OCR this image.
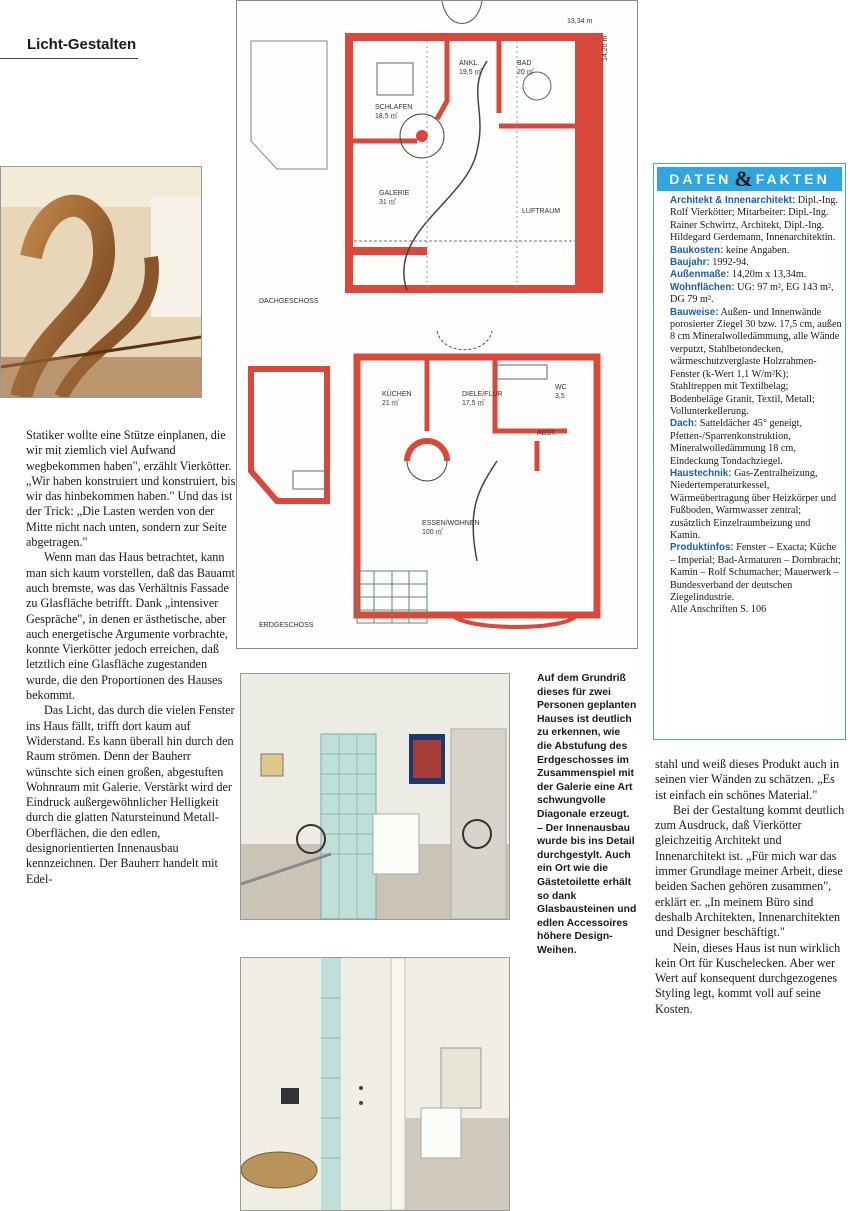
Licht-Gestalten
13,34 m
14,20 m
ANKL.
19,5 ㎡
BAD
20 ㎡
SCHLAFEN
18,5 ㎡
GALERIE
31 ㎡
LUFTRAUM
DACHGESCHOSS
KÜCHEN
21 ㎡
DIELE/FLUR
17,5 ㎡
WC
3,5
ABST.
ESSEN/WOHNEN
100 ㎡
ERDGESCHOSS
DATEN & FAKTEN
Architekt & Innenarchitekt: Dipl.-Ing. Rolf Vierkötter; Mitarbeiter: Dipl.-Ing. Rainer Schwirtz, Architekt, Dipl.-Ing. Hildegard Gerdemann, Innenarchitektin.
Baukosten: keine Angaben.
Baujahr: 1992-94.
Außenmaße: 14,20m x 13,34m.
Wohnflächen: UG: 97 m², EG 143 m², DG 79 m².
Bauweise: Außen- und Innenwände porosierter Ziegel 30 bzw. 17,5 cm, außen 8 cm Mineralwolledämmung, alle Wände verputzt, Stahlbetondecken, wärmeschutzverglaste Holzrahmen-Fenster (k-Wert 1,1 W/m²K); Stahltreppen mit Textilbelag; Bodenbeläge Granit, Textil, Metall; Vollunterkellerung.
Dach: Satteldächer 45° geneigt, Pfetten-/Sparrenkonstruktion, Mineralwolledämmung 18 cm, Eindeckung Tondachziegel.
Haustechnik: Gas-Zentralheizung, Niedertemperaturkessel, Wärmeübertragung über Heizkörper und Fußboden, Warmwasser zentral; zusätzlich Einzelraumheizung und Kamin.
Produktinfos: Fenster – Exacta; Küche – Imperial; Bad-Armaturen – Dornbracht; Kamin – Rolf Schumacher; Mauerwerk – Bundesverband der deutschen Ziegelindustrie.
Alle Anschriften S. 106

Statiker wollte eine Stütze einplanen, die wir mit ziemlich viel Aufwand wegbekommen haben", erzählt Vierkötter. „Wir haben konstruiert und konstruiert, bis wir das hinbekommen haben." Und das ist der Trick: „Die Lasten werden von der Mitte nicht nach unten, sondern zur Seite abgetragen."

Wenn man das Haus betrachtet, kann man sich kaum vorstellen, daß das Bauamt auch bremste, was das Verhältnis Fassade zu Glasfläche betrifft. Dank „intensiver Gespräche", in denen er ästhetische, aber auch energetische Argumente vorbrachte, konnte Vierkötter jedoch erreichen, daß letztlich eine Glasfläche zugestanden wurde, die den Proportionen des Hauses bekommt.

Das Licht, das durch die vielen Fenster ins Haus fällt, trifft dort kaum auf Widerstand. Es kann überall hin durch den Raum strömen. Denn der Bauherr wünschte sich einen großen, abgestuften Wohnraum mit Galerie. Verstärkt wird der Eindruck außergewöhnlicher Helligkeit durch die glatten Natursteinund Metall-Oberflächen, die den edlen, designorientierten Innenausbau kennzeichnen. Der Bauherr handelt mit Edel-

Auf dem Grundriß dieses für zwei Personen geplanten Hauses ist deutlich zu erkennen, wie die Abstufung des Erdgeschosses im Zusammenspiel mit der Galerie eine Art schwungvolle Diagonale erzeugt. – Der Innenausbau wurde bis ins Detail durchgestylt. Auch ein Ort wie die Gästetoilette erhält so dank Glasbausteinen und edlen Accessoires höhere Design-Weihen.

stahl und weiß dieses Produkt auch in seinen vier Wänden zu schätzen. „Es ist einfach ein schönes Material."

Bei der Gestaltung kommt deutlich zum Ausdruck, daß Vierkötter gleichzeitig Architekt und Innenarchitekt ist. „Für mich war das immer Grundlage meiner Arbeit, diese beiden Sachen gehören zusammen", erklärt er. „In meinem Büro sind deshalb Architekten, Innenarchitekten und Designer beschäftigt."

Nein, dieses Haus ist nun wirklich kein Ort für Kuschelecken. Aber wer Wert auf konsequent durchgezogenes Styling legt, kommt voll auf seine Kosten.
